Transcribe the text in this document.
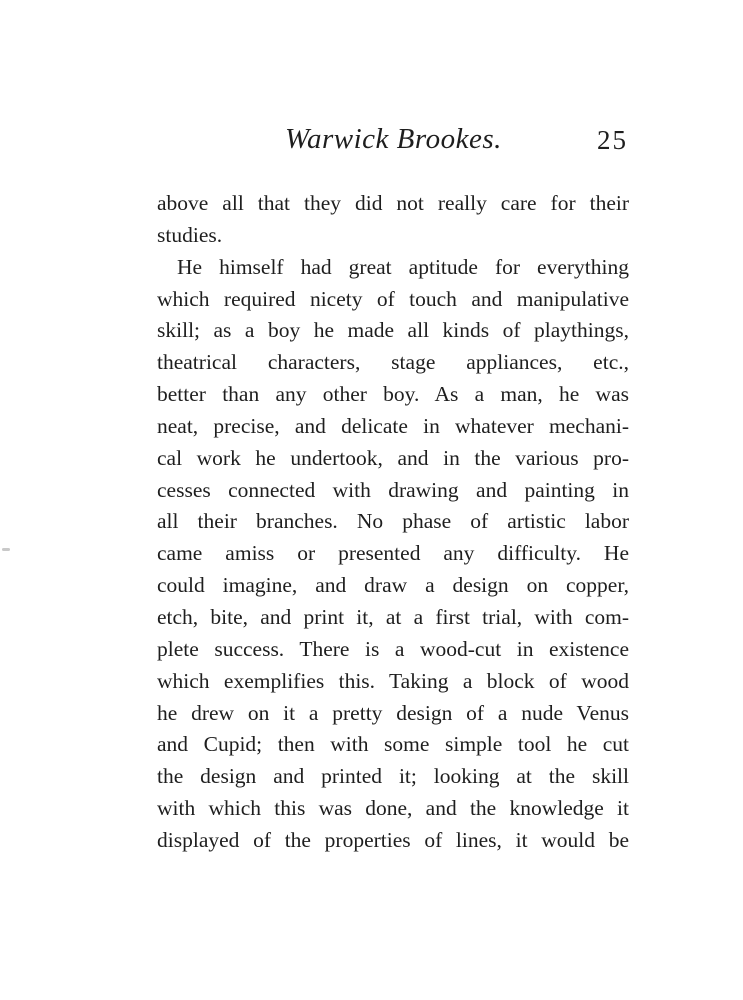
Warwick Brookes.	25
above all that they did not really care for their
studies.
He himself had great aptitude for everything
which required nicety of touch and manipulative
skill; as a boy he made all kinds of playthings,
theatrical characters, stage appliances, etc.,
better than any other boy. As a man, he was
neat, precise, and delicate in whatever mechani-
cal work he undertook, and in the various pro-
cesses connected with drawing and painting in
all their branches. No phase of artistic labor
came amiss or presented any difficulty. He
could imagine, and draw a design on copper,
etch, bite, and print it, at a first trial, with com-
plete success. There is a wood-cut in existence
which exemplifies this. Taking a block of wood
he drew on it a pretty design of a nude Venus
and Cupid; then with some simple tool he cut
the design and printed it; looking at the skill
with which this was done, and the knowledge it
displayed of the properties of lines, it would be
